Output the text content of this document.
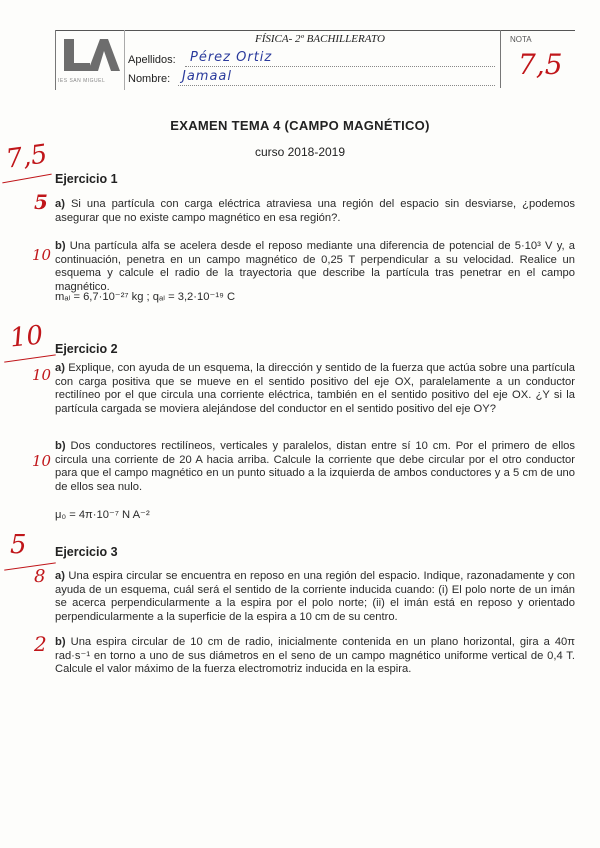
IES SAN MIGUEL
FÍSICA- 2º BACHILLERATO
Apellidos: Pérez Ortiz
Nombre: Jamaal
NOTA
7,5
EXAMEN TEMA 4 (CAMPO MAGNÉTICO)
curso 2018-2019
7,5
Ejercicio 1
5 a) Si una partícula con carga eléctrica atraviesa una región del espacio sin desviarse, ¿podemos asegurar que no existe campo magnético en esa región?.
10 b) Una partícula alfa se acelera desde el reposo mediante una diferencia de potencial de 5·10³ V y, a continuación, penetra en un campo magnético de 0,25 T perpendicular a su velocidad. Realice un esquema y calcule el radio de la trayectoria que describe la partícula tras penetrar en el campo magnético.
mₐₗ = 6,7·10⁻²⁷ kg ; qₐₗ = 3,2·10⁻¹⁹ C
10 Ejercicio 2
10 a) Explique, con ayuda de un esquema, la dirección y sentido de la fuerza que actúa sobre una partícula con carga positiva que se mueve en el sentido positivo del eje OX, paralelamente a un conductor rectilíneo por el que circula una corriente eléctrica, también en el sentido positivo del eje OX. ¿Y si la partícula cargada se moviera alejándose del conductor en el sentido positivo del eje OY?
10
b) Dos conductores rectilíneos, verticales y paralelos, distan entre sí 10 cm. Por el primero de ellos circula una corriente de 20 A hacia arriba. Calcule la corriente que debe circular por el otro conductor para que el campo magnético en un punto situado a la izquierda de ambos conductores y a 5 cm de uno de ellos sea nulo.
μ₀ = 4π·10⁻⁷ N A⁻²
5 Ejercicio 3
8 a) Una espira circular se encuentra en reposo en una región del espacio. Indique, razonadamente y con ayuda de un esquema, cuál será el sentido de la corriente inducida cuando: (i) El polo norte de un imán se acerca perpendicularmente a la espira por el polo norte; (ii) el imán está en reposo y orientado perpendicularmente a la superficie de la espira a 10 cm de su centro.
2 b) Una espira circular de 10 cm de radio, inicialmente contenida en un plano horizontal, gira a 40π rad·s⁻¹ en torno a uno de sus diámetros en el seno de un campo magnético uniforme vertical de 0,4 T. Calcule el valor máximo de la fuerza electromotriz inducida en la espira.
